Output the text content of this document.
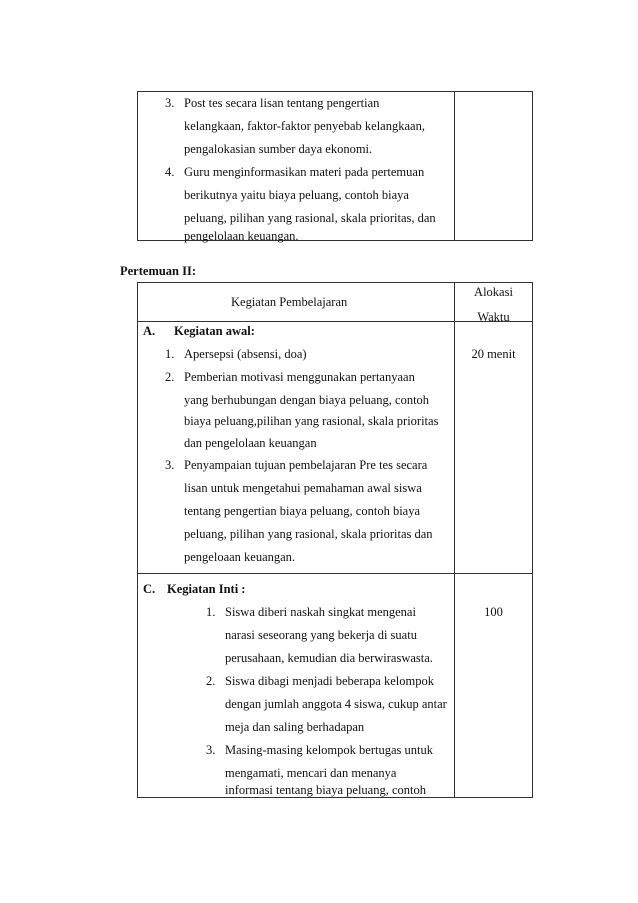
3. Post tes secara lisan tentang pengertian
kelangkaan, faktor-faktor penyebab kelangkaan,
pengalokasian sumber daya ekonomi.
4. Guru menginformasikan materi pada pertemuan
berikutnya yaitu biaya peluang, contoh biaya
peluang, pilihan yang rasional, skala prioritas, dan
pengelolaan keuangan.
Pertemuan II:
Kegiatan Pembelajaran
Alokasi
Waktu
A. Kegiatan awal:
20 menit
1. Apersepsi (absensi, doa)
2. Pemberian motivasi menggunakan pertanyaan
yang berhubungan dengan biaya peluang, contoh
biaya peluang,pilihan yang rasional, skala prioritas
dan pengelolaan keuangan
3. Penyampaian tujuan pembelajaran Pre tes secara
lisan untuk mengetahui pemahaman awal siswa
tentang pengertian biaya peluang, contoh biaya
peluang, pilihan yang rasional, skala prioritas dan
pengeloaan keuangan.
C. Kegiatan Inti :
100
1. Siswa diberi naskah singkat mengenai
narasi seseorang yang bekerja di suatu
perusahaan, kemudian dia berwiraswasta.
2. Siswa dibagi menjadi beberapa kelompok
dengan jumlah anggota 4 siswa, cukup antar
meja dan saling berhadapan
3. Masing-masing kelompok bertugas untuk
mengamati, mencari dan menanya
informasi tentang biaya peluang, contoh
